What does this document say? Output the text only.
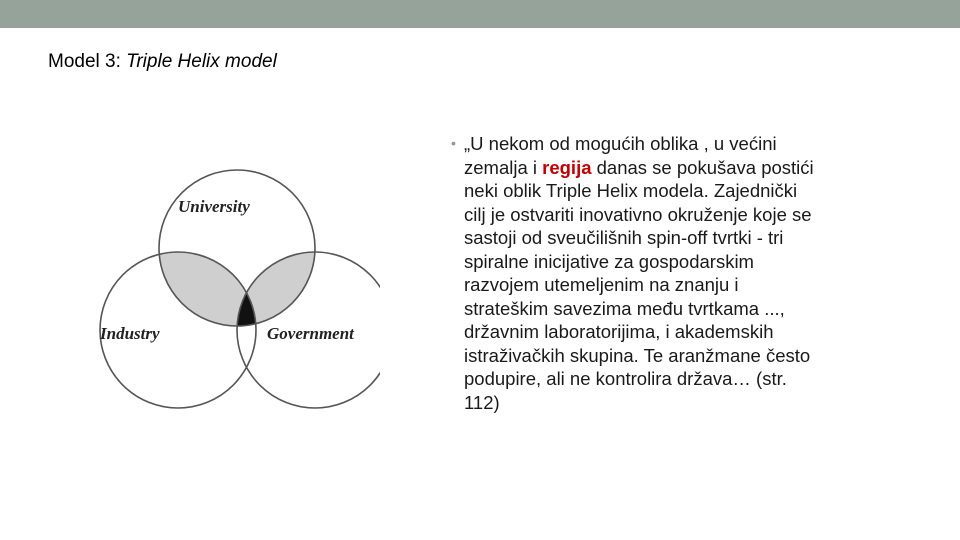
Model 3: Triple Helix model
University
Industry	Government
• „U nekom od mogućih oblika , u većini
zemalja i regija danas se pokušava postići
neki oblik Triple Helix modela. Zajednički
cilj je ostvariti inovativno okruženje koje se
sastoji od sveučilišnih spin-off tvrtki - tri
spiralne inicijative za gospodarskim
razvojem utemeljenim na znanju i
strateškim savezima među tvrtkama ...,
državnim laboratorijima, i akademskih
istraživačkih skupina. Te aranžmane često
podupire, ali ne kontrolira država… (str.
112)
